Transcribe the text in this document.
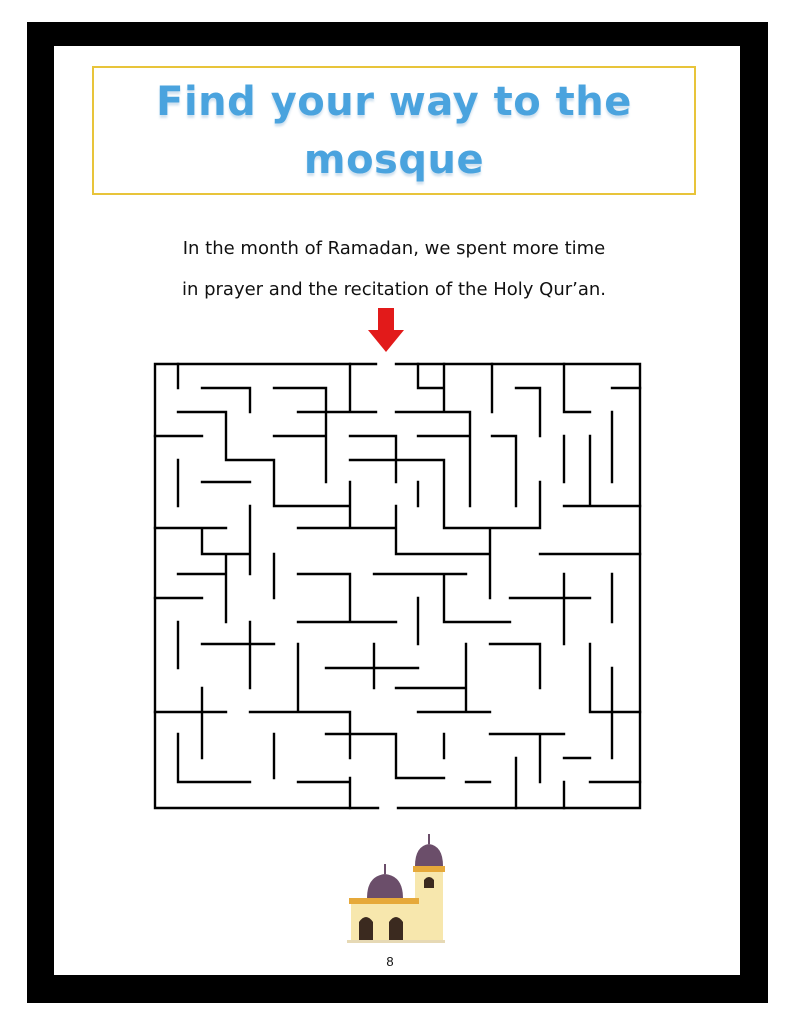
Find your way to the mosque
In the month of Ramadan, we spent more time
in prayer and the recitation of the Holy Qur’an.
8
